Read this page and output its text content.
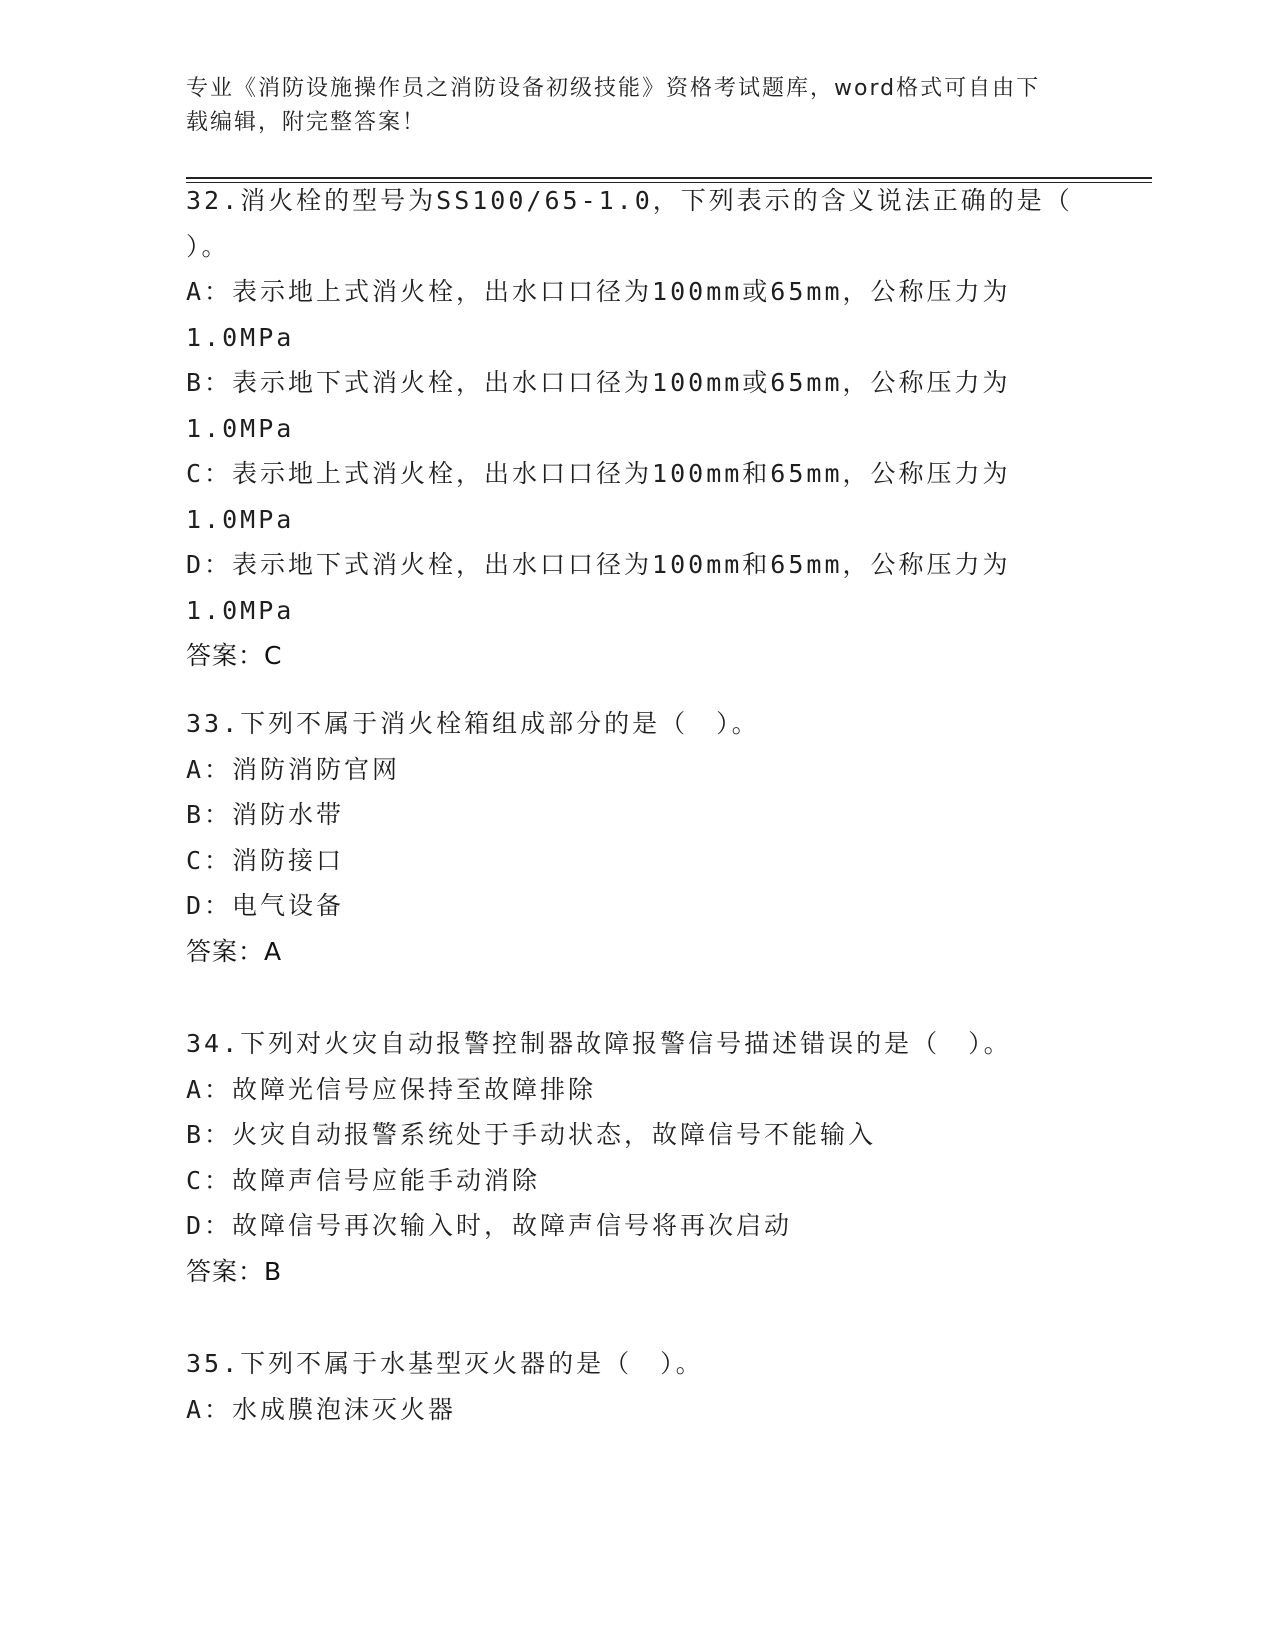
专业《消防设施操作员之消防设备初级技能》资格考试题库，word格式可自由下
载编辑，附完整答案！
32.消火栓的型号为SS100/65-1.0，下列表示的含义说法正确的是（
）。
A：表示地上式消火栓，出水口口径为100mm或65mm，公称压力为
1.0MPa
B：表示地下式消火栓，出水口口径为100mm或65mm，公称压力为
1.0MPa
C：表示地上式消火栓，出水口口径为100mm和65mm，公称压力为
1.0MPa
D：表示地下式消火栓，出水口口径为100mm和65mm，公称压力为
1.0MPa
答案：C
33.下列不属于消火栓箱组成部分的是（　）。
A：消防消防官网
B：消防水带
C：消防接口
D：电气设备
答案：A
34.下列对火灾自动报警控制器故障报警信号描述错误的是（　）。
A：故障光信号应保持至故障排除
B：火灾自动报警系统处于手动状态，故障信号不能输入
C：故障声信号应能手动消除
D：故障信号再次输入时，故障声信号将再次启动
答案：B
35.下列不属于水基型灭火器的是（　）。
A：水成膜泡沫灭火器
